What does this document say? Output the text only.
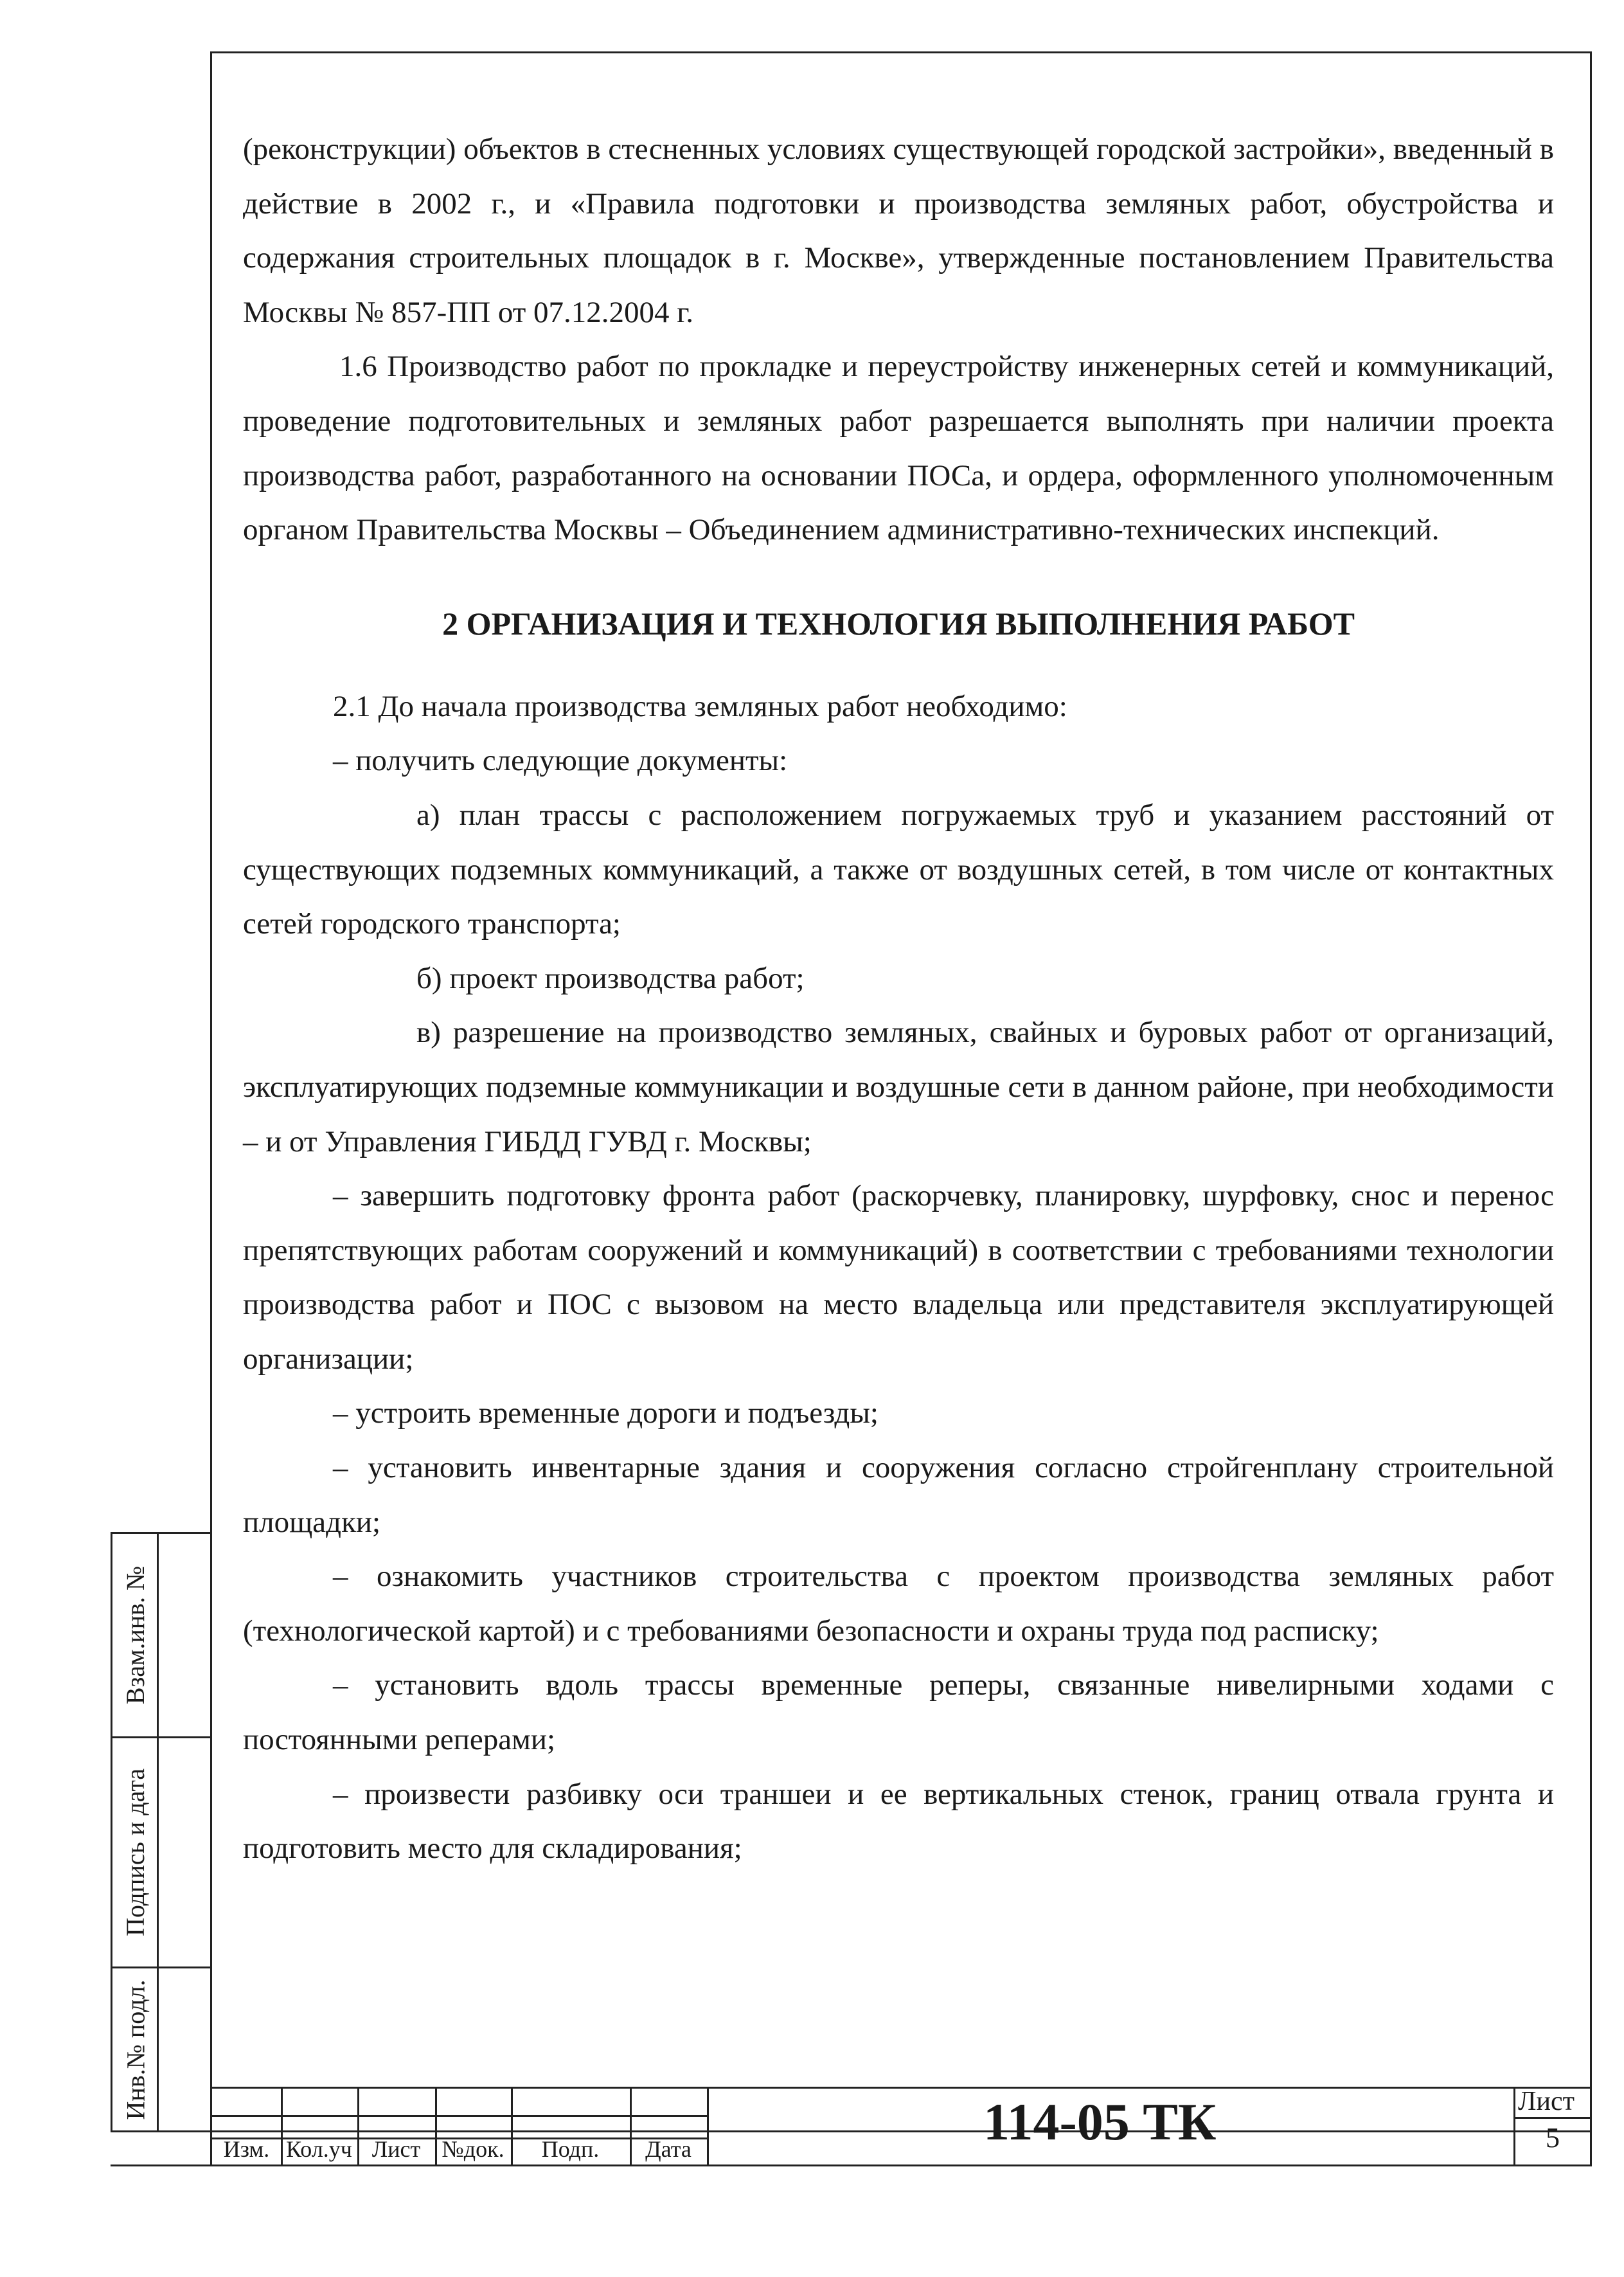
(реконструкции) объектов в стесненных условиях существующей городской застройки», введенный в действие в 2002 г., и «Правила подготовки и производства земляных работ, обустройства и содержания строительных площадок в г. Москве», утвержденные постановлением Правительства Москвы № 857-ПП от 07.12.2004 г.

1.6 Производство работ по прокладке и переустройству инженерных сетей и коммуникаций, проведение подготовительных и земляных работ разрешается выполнять при наличии проекта производства работ, разработанного на основании ПОСа, и ордера, оформленного уполномоченным органом Правительства Москвы – Объединением административно-технических инспекций.

2 ОРГАНИЗАЦИЯ И ТЕХНОЛОГИЯ ВЫПОЛНЕНИЯ РАБОТ

2.1 До начала производства земляных работ необходимо:

– получить следующие документы:

а) план трассы с расположением погружаемых труб и указанием расстояний от существующих подземных коммуникаций, а также от воздушных сетей, в том числе от контактных сетей городского транспорта;

б) проект производства работ;

в) разрешение на производство земляных, свайных и буровых работ от организаций, эксплуатирующих подземные коммуникации и воздушные сети в данном районе, при необходимости – и от Управления ГИБДД ГУВД г. Москвы;

– завершить подготовку фронта работ (раскорчевку, планировку, шурфовку, снос и перенос препятствующих работам сооружений и коммуникаций) в соответствии с требованиями технологии производства работ и ПОС с вызовом на место владельца или представителя эксплуатирующей организации;

– устроить временные дороги и подъезды;

– установить инвентарные здания и сооружения согласно стройгенплану строительной площадки;

– ознакомить участников строительства с проектом производства земляных работ (технологической картой) и с требованиями безопасности и охраны труда под расписку;

– установить вдоль трассы временные реперы, связанные нивелирными ходами с постоянными реперами;

– произвести разбивку оси траншеи и ее вертикальных стенок, границ отвала грунта и подготовить место для складирования;

Взам.инв. №
Подпись и дата
Инв.№ подл.
Изм. Кол.уч Лист №док.	Подп.	Дата	114-05 ТК	Лист
5
